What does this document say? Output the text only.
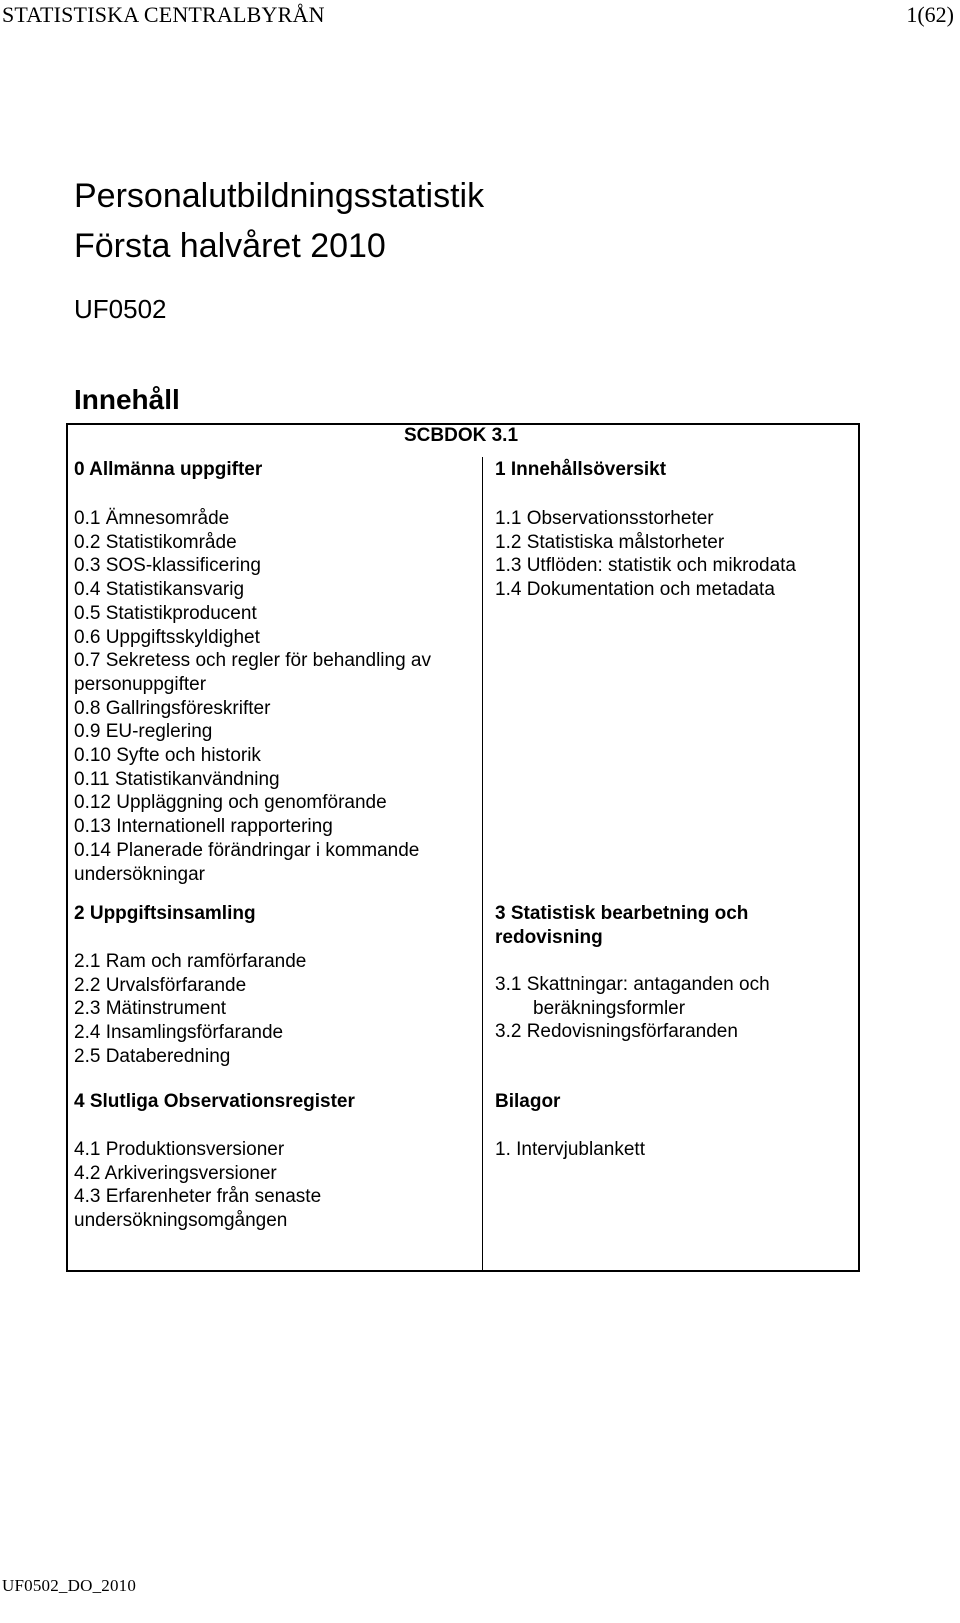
STATISTISKA CENTRALBYRÅN	1(62)
Personalutbildningsstatistik
Första halvåret 2010
UF0502
Innehåll
SCBDOK 3.1
0 Allmänna uppgifter
0.1 Ämnesområde
0.2 Statistikområde
0.3 SOS-klassificering
0.4 Statistikansvarig
0.5 Statistikproducent
0.6 Uppgiftsskyldighet
0.7 Sekretess och regler för behandling av
personuppgifter
0.8 Gallringsföreskrifter
0.9 EU-reglering
0.10 Syfte och historik
0.11 Statistikanvändning
0.12 Uppläggning och genomförande
0.13 Internationell rapportering
0.14 Planerade förändringar i kommande
undersökningar
2 Uppgiftsinsamling
2.1 Ram och ramförfarande
2.2 Urvalsförfarande
2.3 Mätinstrument
2.4 Insamlingsförfarande
2.5 Databeredning
4 Slutliga Observationsregister
4.1 Produktionsversioner
4.2 Arkiveringsversioner
4.3 Erfarenheter från senaste
undersökningsomgången
1 Innehållsöversikt
1.1 Observationsstorheter
1.2 Statistiska målstorheter
1.3 Utflöden: statistik och mikrodata
1.4 Dokumentation och metadata
3 Statistisk bearbetning och
redovisning
3.1 Skattningar: antaganden och
beräkningsformler
3.2 Redovisningsförfaranden
Bilagor
1. Intervjublankett
UF0502_DO_2010
